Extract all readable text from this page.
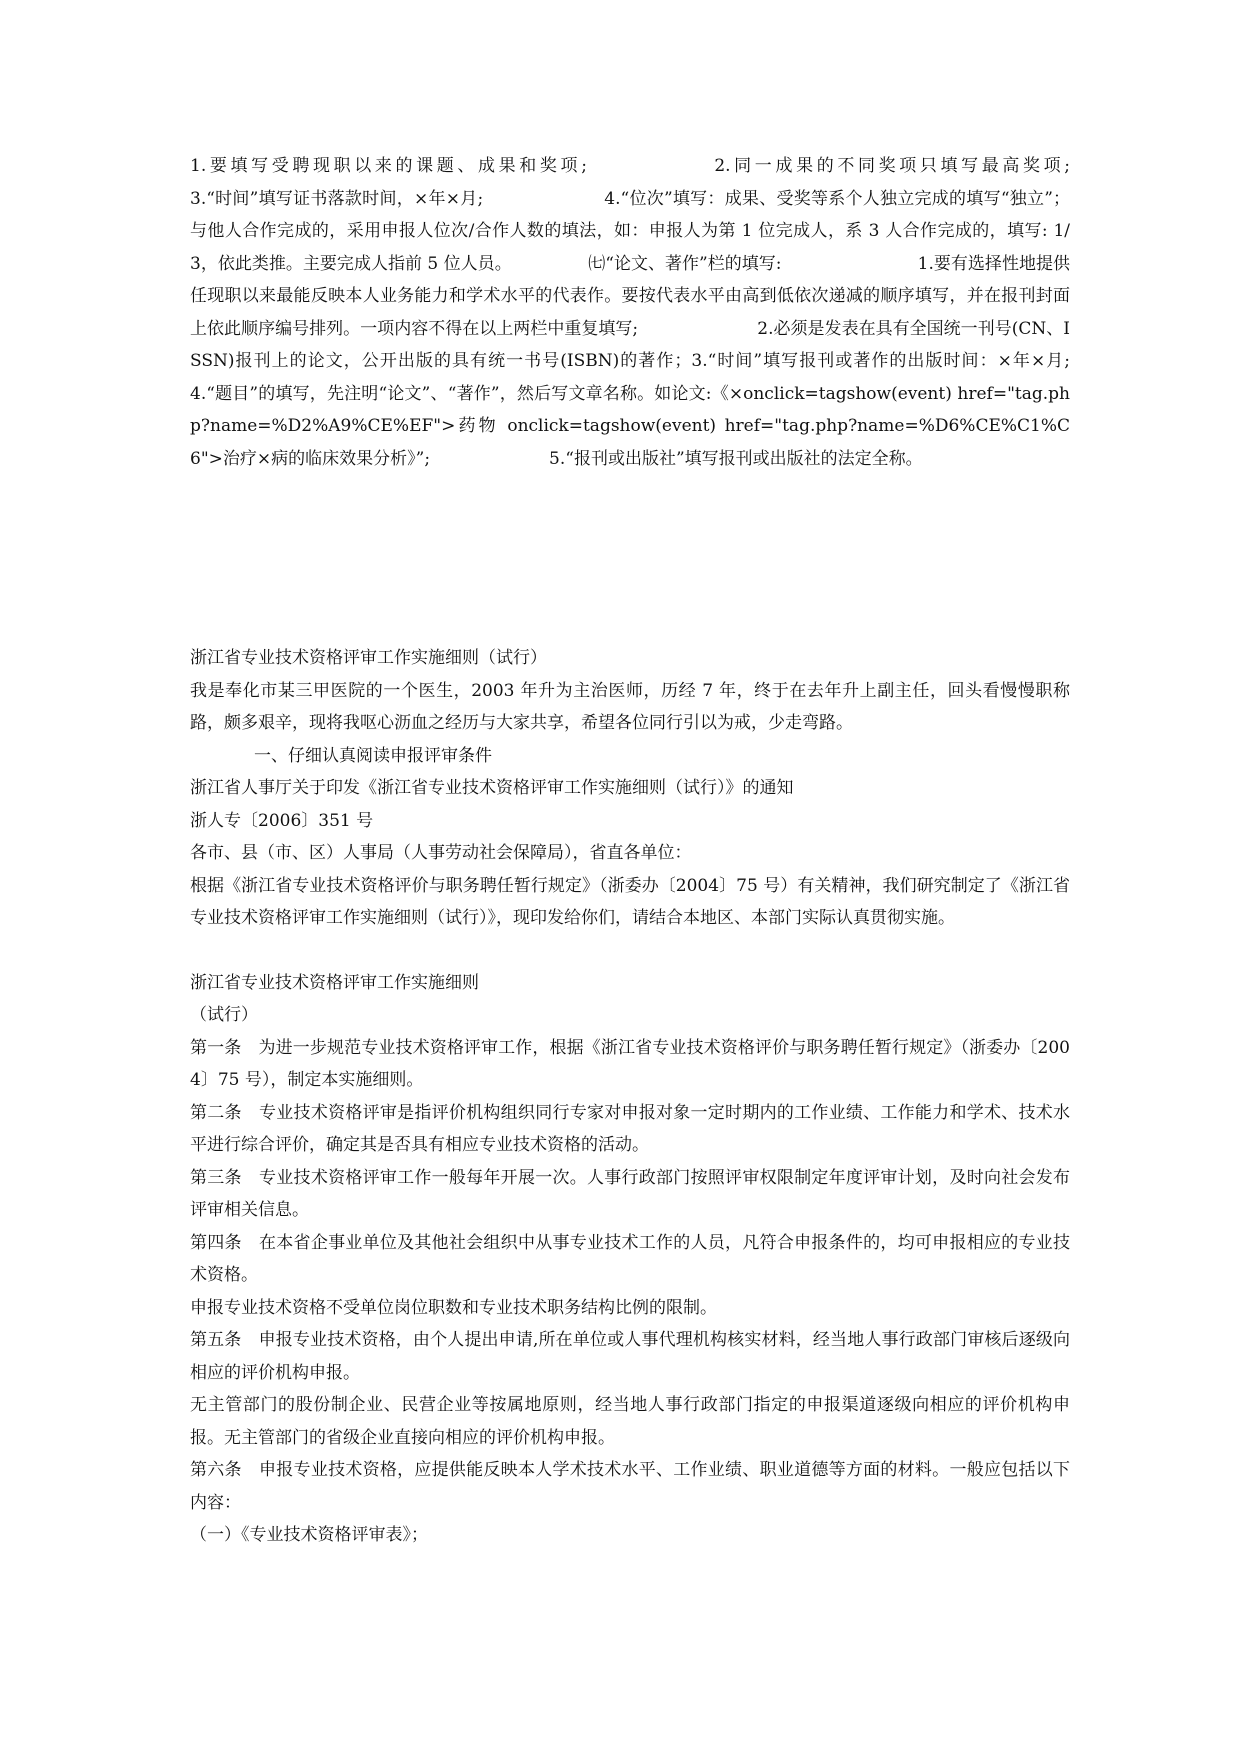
1.要填写受聘现职以来的课题、成果和奖项;　　　　　　2.同一成果的不同奖项只填写最高奖项;　　　　　　　3.“时间”填写证书落款时间，×年×月;　　　　　　　4.“位次”填写：成果、受奖等系个人独立完成的填写“独立”；与他人合作完成的，采用申报人位次/合作人数的填法，如：申报人为第 1 位完成人，系 3 人合作完成的，填写: 1/3，依此类推。主要完成人指前 5 位人员。　　　　　㈦“论文、著作”栏的填写:　　　　　　　　1.要有选择性地提供任现职以来最能反映本人业务能力和学术水平的代表作。要按代表水平由高到低依次递减的顺序填写，并在报刊封面上依此顺序编号排列。一项内容不得在以上两栏中重复填写;　　　　　　　2.必须是发表在具有全国统一刊号(CN、ISSN)报刊上的论文，公开出版的具有统一书号(ISBN)的著作；3.“时间”填写报刊或著作的出版时间：×年×月;　　　　　　　4.“题目”的填写，先注明“论文”、“著作”，然后写文章名称。如论文:《×onclick=tagshow(event) href="tag.php?name=%D2%A9%CE%EF">药物 onclick=tagshow(event) href="tag.php?name=%D6%CE%C1%C6">治疗×病的临床效果分析》”;　　　　　　　5.“报刊或出版社”填写报刊或出版社的法定全称。

浙江省专业技术资格评审工作实施细则（试行）

我是奉化市某三甲医院的一个医生，2003 年升为主治医师，历经 7 年，终于在去年升上副主任，回头看慢慢职称路，颇多艰辛，现将我呕心沥血之经历与大家共享，希望各位同行引以为戒，少走弯路。

一、仔细认真阅读申报评审条件

浙江省人事厅关于印发《浙江省专业技术资格评审工作实施细则（试行）》的通知

浙人专〔2006〕351 号

各市、县（市、区）人事局（人事劳动社会保障局），省直各单位：

根据《浙江省专业技术资格评价与职务聘任暂行规定》（浙委办〔2004〕75 号）有关精神，我们研究制定了《浙江省专业技术资格评审工作实施细则（试行）》，现印发给你们，请结合本地区、本部门实际认真贯彻实施。

浙江省专业技术资格评审工作实施细则

（试行）

第一条　为进一步规范专业技术资格评审工作，根据《浙江省专业技术资格评价与职务聘任暂行规定》（浙委办〔2004〕75 号），制定本实施细则。

第二条　专业技术资格评审是指评价机构组织同行专家对申报对象一定时期内的工作业绩、工作能力和学术、技术水平进行综合评价，确定其是否具有相应专业技术资格的活动。

第三条　专业技术资格评审工作一般每年开展一次。人事行政部门按照评审权限制定年度评审计划，及时向社会发布评审相关信息。

第四条　在本省企事业单位及其他社会组织中从事专业技术工作的人员，凡符合申报条件的，均可申报相应的专业技术资格。

申报专业技术资格不受单位岗位职数和专业技术职务结构比例的限制。

第五条　申报专业技术资格，由个人提出申请,所在单位或人事代理机构核实材料，经当地人事行政部门审核后逐级向相应的评价机构申报。

无主管部门的股份制企业、民营企业等按属地原则，经当地人事行政部门指定的申报渠道逐级向相应的评价机构申报。无主管部门的省级企业直接向相应的评价机构申报。

第六条　申报专业技术资格，应提供能反映本人学术技术水平、工作业绩、职业道德等方面的材料。一般应包括以下内容：

（一）《专业技术资格评审表》；
